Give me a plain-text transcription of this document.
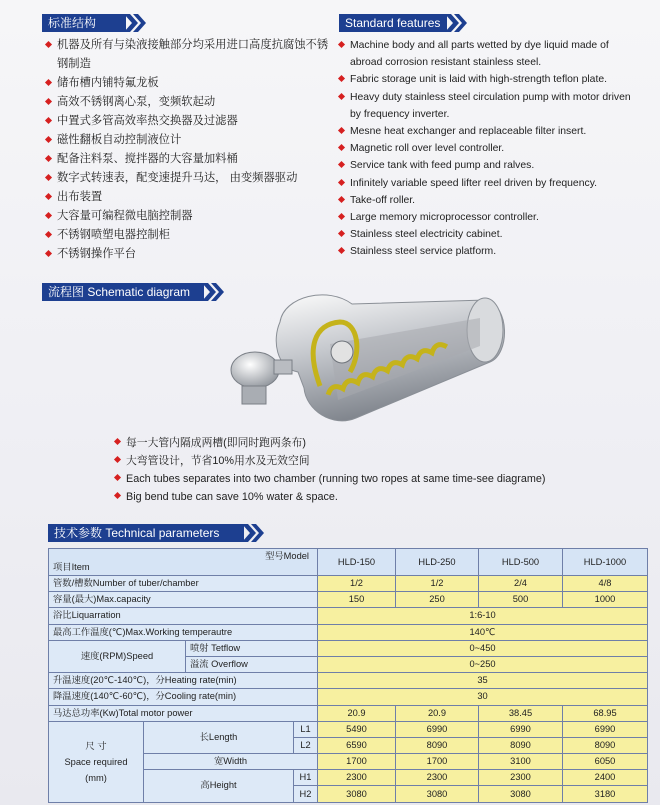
标准结构	Standard features
机器及所有与染液接触部分均采用进口高度抗腐蚀不锈钢制造
储布槽内铺特氟龙板
高效不锈钢离心泵，变频软起动
中置式多管高效率热交换器及过滤器
磁性翻板自动控制液位计
配备注料泵、搅拌器的大容量加料桶
数字式转速表，配变速提升马达， 由变频器驱动
出布装置
大容量可编程微电脑控制器
不锈钢喷塑电器控制柜
不锈钢操作平台
Machine body and all parts wetted by dye liquid made of abroad corrosion resistant stainless steel.
Fabric storage unit is laid with high-strength teflon plate.
Heavy duty stainless steel circulation pump with motor driven by frequency inverter.
Mesne heat exchanger and replaceable filter insert.
Magnetic roll over level controller.
Service tank with feed pump and ralves.
Infinitely variable speed lifter reel driven by frequency.
Take-off roller.
Large memory microprocessor controller.
Stainless steel electricity cabinet.
Stainless steel service platform.
流程图 Schematic diagram
每一大管内隔成两槽(即同时跑两条布)
大弯管设计，节省10%用水及无效空间
Each tubes separates into two chamber (running two ropes at same time-see diagrame)
Big bend tube can save 10% water & space.
技术参数 Technical parameters
型号Model
项目Item				HLD-150	HLD-250	HLD-500	HLD-1000
管数/槽数Number of tuber/chamber				1/2	1/2	2/4	4/8
容量(最大)Max.capacity				150	250	500	1000
浴比Liquarration				1:6-10			
最高工作温度(℃)Max.Working temperautre				140℃			
速度(RPM)Speed		喷射 Tetflow		0~450			
		溢流 Overflow		0~250			
升温速度(20℃-140℃)，分Heating rate(min)				35			
降温速度(140℃-60℃)，分Cooling rate(min)				30			
马达总功率(Kw)Total motor power				20.9	20.9	38.45	68.95

尺 寸
Space required
(mm)	长Length		L1	5490	6990	6990	6990
			L2	6590	8090	8090	8090
	宽Width			1700	1700	3100	6050
	高Height		H1	2300	2300	2300	2400
			H2	3080	3080	3080	3180
